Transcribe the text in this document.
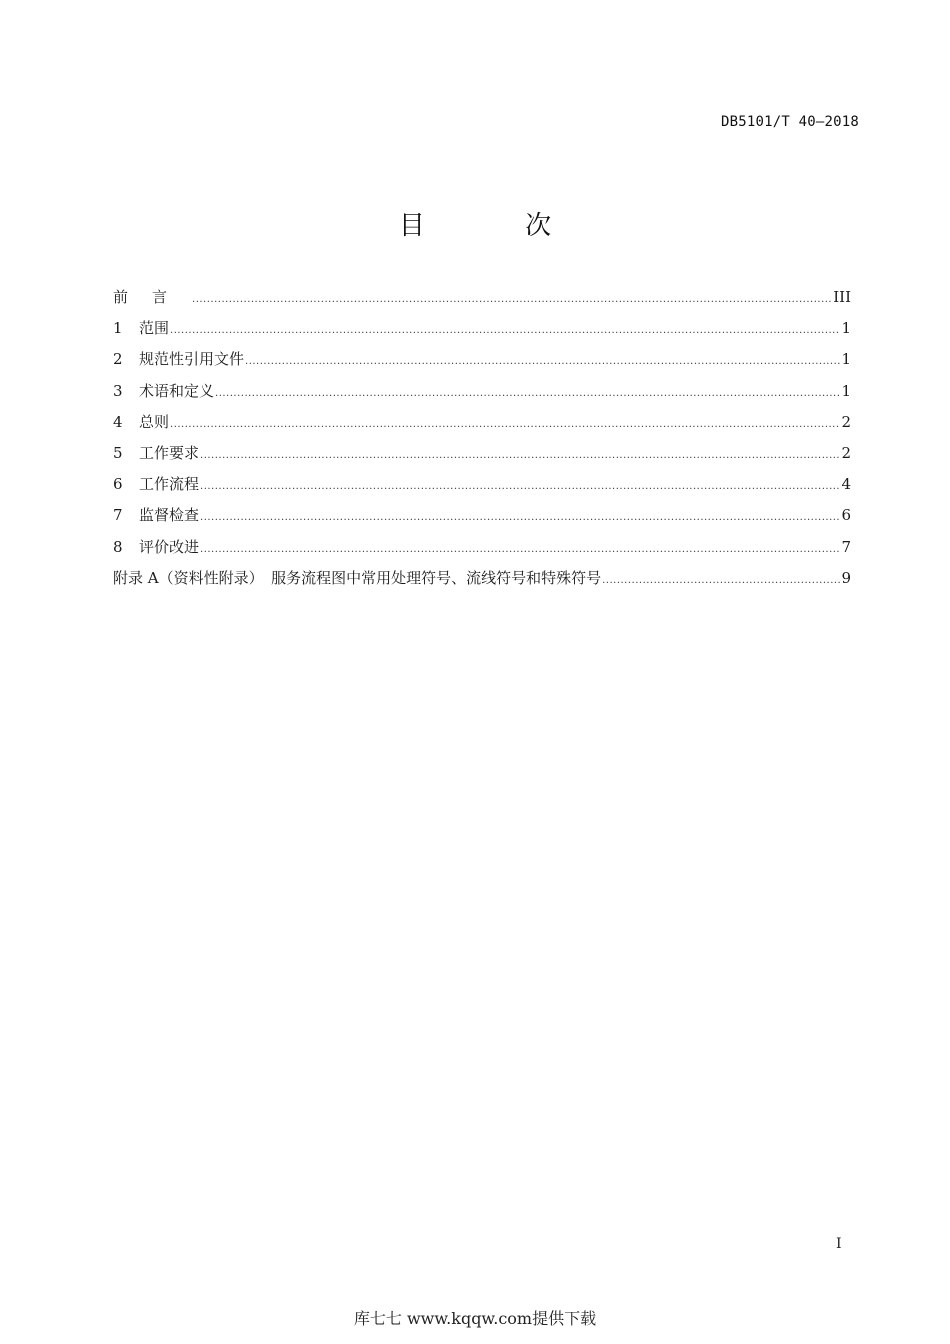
DB5101/T 40—2018
目 次
前言 .....	III
1	范围 .....	1
2	规范性引用文件 .....	1
3	术语和定义 .....	1
4	总则 .....	2
5	工作要求 .....	2
6	工作流程 .....	4
7	监督检查 .....	6
8	评价改进 .....	7
附录 A（资料性附录）　服务流程图中常用处理符号、流线符号和特殊符号 .....	9
I
库七七 www.kqqw.com提供下载
